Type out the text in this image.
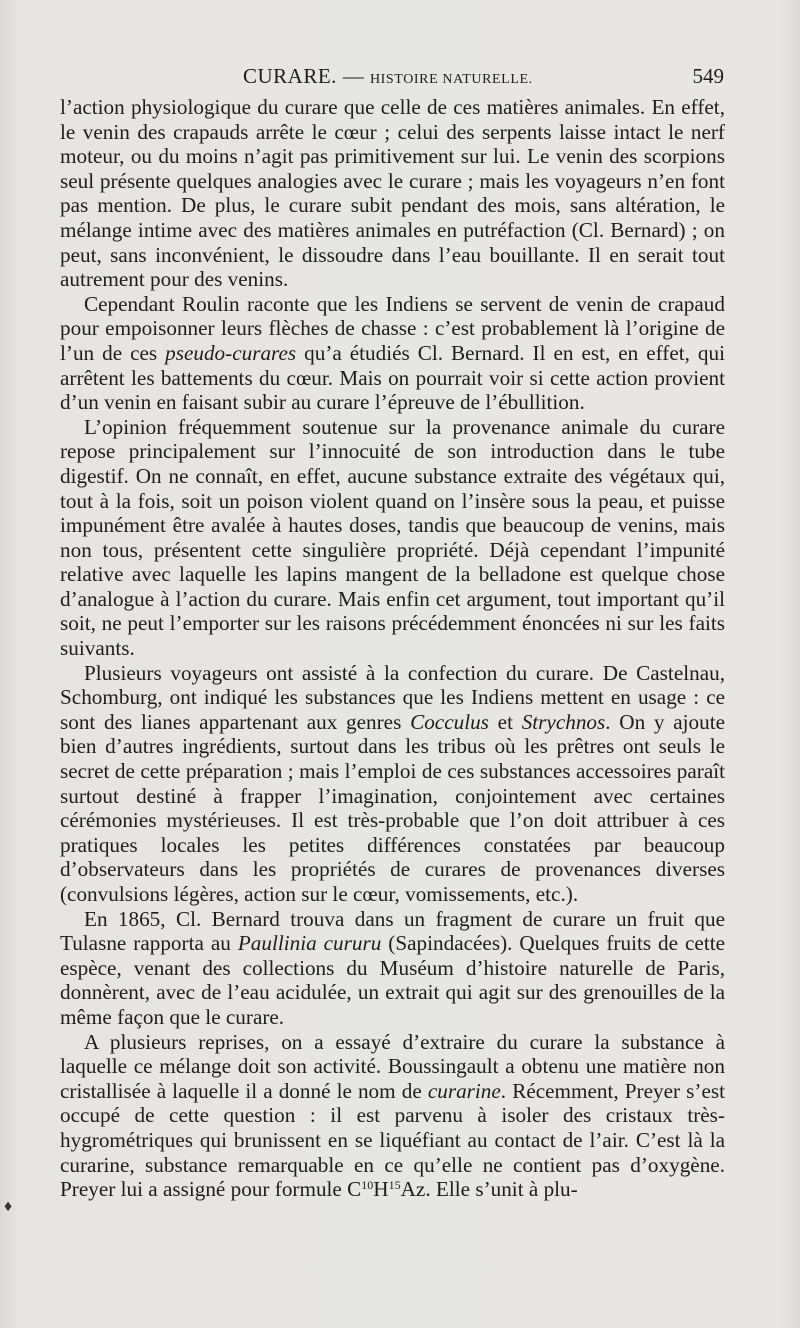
CURARE. — HISTOIRE NATURELLE.	549

l’action physiologique du curare que celle de ces matières animales. En effet, le venin des crapauds arrête le cœur ; celui des serpents laisse intact le nerf moteur, ou du moins n’agit pas primitivement sur lui. Le venin des scorpions seul présente quelques analogies avec le curare ; mais les voyageurs n’en font pas mention. De plus, le curare subit pendant des mois, sans altération, le mélange intime avec des matières animales en putréfaction (Cl. Bernard) ; on peut, sans inconvénient, le dissoudre dans l’eau bouillante. Il en serait tout autrement pour des venins.

Cependant Roulin raconte que les Indiens se servent de venin de crapaud pour empoisonner leurs flèches de chasse : c’est probablement là l’origine de l’un de ces pseudo-curares qu’a étudiés Cl. Bernard. Il en est, en effet, qui arrêtent les battements du cœur. Mais on pourrait voir si cette action provient d’un venin en faisant subir au curare l’épreuve de l’ébullition.

L’opinion fréquemment soutenue sur la provenance animale du curare repose principalement sur l’innocuité de son introduction dans le tube digestif. On ne connaît, en effet, aucune substance extraite des végétaux qui, tout à la fois, soit un poison violent quand on l’insère sous la peau, et puisse impunément être avalée à hautes doses, tandis que beaucoup de venins, mais non tous, présentent cette singulière propriété. Déjà cependant l’impunité relative avec laquelle les lapins mangent de la belladone est quelque chose d’analogue à l’action du curare. Mais enfin cet argument, tout important qu’il soit, ne peut l’emporter sur les raisons précédemment énoncées ni sur les faits suivants.

Plusieurs voyageurs ont assisté à la confection du curare. De Castelnau, Schomburg, ont indiqué les substances que les Indiens mettent en usage : ce sont des lianes appartenant aux genres Cocculus et Strychnos. On y ajoute bien d’autres ingrédients, surtout dans les tribus où les prêtres ont seuls le secret de cette préparation ; mais l’emploi de ces substances accessoires paraît surtout destiné à frapper l’imagination, conjointement avec certaines cérémonies mystérieuses. Il est très-probable que l’on doit attribuer à ces pratiques locales les petites différences constatées par beaucoup d’observateurs dans les propriétés de curares de provenances diverses (convulsions légères, action sur le cœur, vomissements, etc.).

En 1865, Cl. Bernard trouva dans un fragment de curare un fruit que Tulasne rapporta au Paullinia cururu (Sapindacées). Quelques fruits de cette espèce, venant des collections du Muséum d’histoire naturelle de Paris, donnèrent, avec de l’eau acidulée, un extrait qui agit sur des grenouilles de la même façon que le curare.

A plusieurs reprises, on a essayé d’extraire du curare la substance à laquelle ce mélange doit son activité. Boussingault a obtenu une matière non cristallisée à laquelle il a donné le nom de curarine. Récemment, Preyer s’est occupé de cette question : il est parvenu à isoler des cristaux très-hygrométriques qui brunissent en se liquéfiant au contact de l’air. C’est là la curarine, substance remarquable en ce qu’elle ne contient pas d’oxygène. Preyer lui a assigné pour formule $C^{10}H^{15}Az$. Elle s’unit à plu-

♦
